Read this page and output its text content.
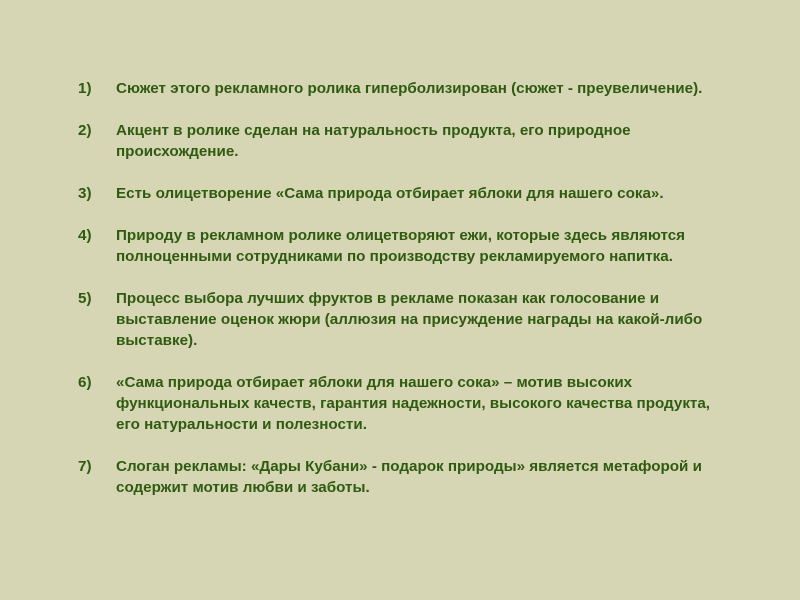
1)	Сюжет этого рекламного ролика гиперболизирован (сюжет - преувеличение).
2)	Акцент в ролике сделан на натуральность продукта, его природное происхождение.
3)	Есть олицетворение «Сама природа отбирает яблоки для нашего сока».
4)	Природу в рекламном ролике олицетворяют ежи, которые здесь являются полноценными сотрудниками по производству рекламируемого напитка.
5)	Процесс выбора лучших фруктов в рекламе показан как голосование и выставление оценок жюри (аллюзия на присуждение награды на какой-либо выставке).
6)	«Сама природа отбирает яблоки для нашего сока» – мотив высоких функциональных качеств, гарантия надежности, высокого качества продукта, его натуральности и полезности.
7)	Слоган рекламы: «Дары Кубани» - подарок природы» является метафорой и содержит мотив любви и заботы.
